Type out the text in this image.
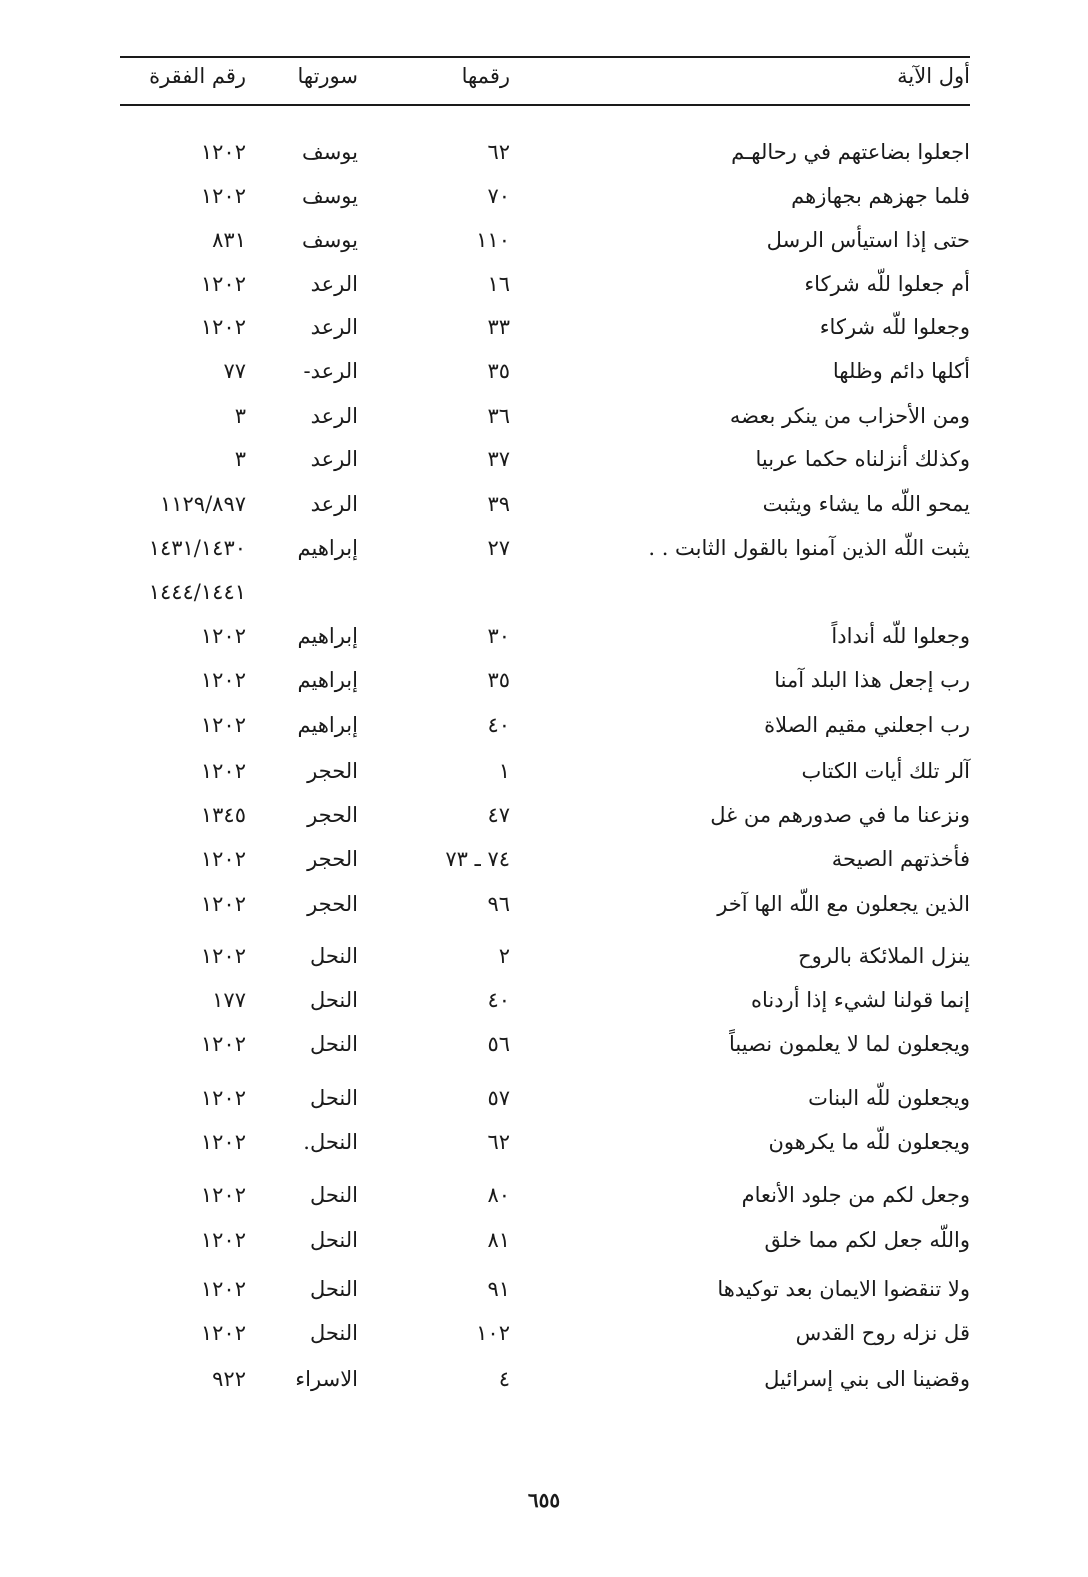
أول الآية
رقمها
سورتها
رقم الفقرة
اجعلوا بضاعتهم في رحالهـم
٦٢
يوسف
١٢٠٢
فلما جهزهم بجهازهم
٧٠
يوسف
١٢٠٢
حتى إذا استيأس الرسل
١١٠
يوسف
٨٣١
أم جعلوا للّه شركاء
١٦
الرعد
١٢٠٢
وجعلوا للّه شركاء
٣٣
الرعد
١٢٠٢
أكلها دائم وظلها
٣٥
الرعد-
٧٧
ومن الأحزاب من ينكر بعضه
٣٦
الرعد
٣
وكذلك أنزلناه حكما عربيا
٣٧
الرعد
٣
يمحو اللّه ما يشاء ويثبت
٣٩
الرعد
١١٢٩/٨٩٧
يثبت اللّه الذين آمنوا بالقول الثابت . .
٢٧
إبراهيم
١٤٣١/١٤٣٠
١٤٤٤/١٤٤١
وجعلوا للّه أنداداً
٣٠
إبراهيم
١٢٠٢
رب إجعل هذا البلد آمنا
٣٥
إبراهيم
١٢٠٢
رب اجعلني مقيم الصلاة
٤٠
إبراهيم
١٢٠٢
آلر تلك أيات الكتاب
١
الحجر
١٢٠٢
ونزعنا ما في صدورهم من غل
٤٧
الحجر
١٣٤٥
فأخذتهم الصيحة
٧٤ ـ ٧٣
الحجر
١٢٠٢
الذين يجعلون مع اللّه الها آخر
٩٦
الحجر
١٢٠٢
ينزل الملائكة بالروح
٢
النحل
١٢٠٢
إنما قولنا لشيء إذا أردناه
٤٠
النحل
١٧٧
ويجعلون لما لا يعلمون نصيباً
٥٦
النحل
١٢٠٢
ويجعلون للّه البنات
٥٧
النحل
١٢٠٢
ويجعلون للّه ما يكرهون
٦٢
النحل.
١٢٠٢
وجعل لكم من جلود الأنعام
٨٠
النحل
١٢٠٢
واللّه جعل لكم مما خلق
٨١
النحل
١٢٠٢
ولا تنقضوا الايمان بعد توكيدها
٩١
النحل
١٢٠٢
قل نزله روح القدس
١٠٢
النحل
١٢٠٢
وقضينا الى بني إسرائيل
٤
الاسراء
٩٢٢
٦٥٥
